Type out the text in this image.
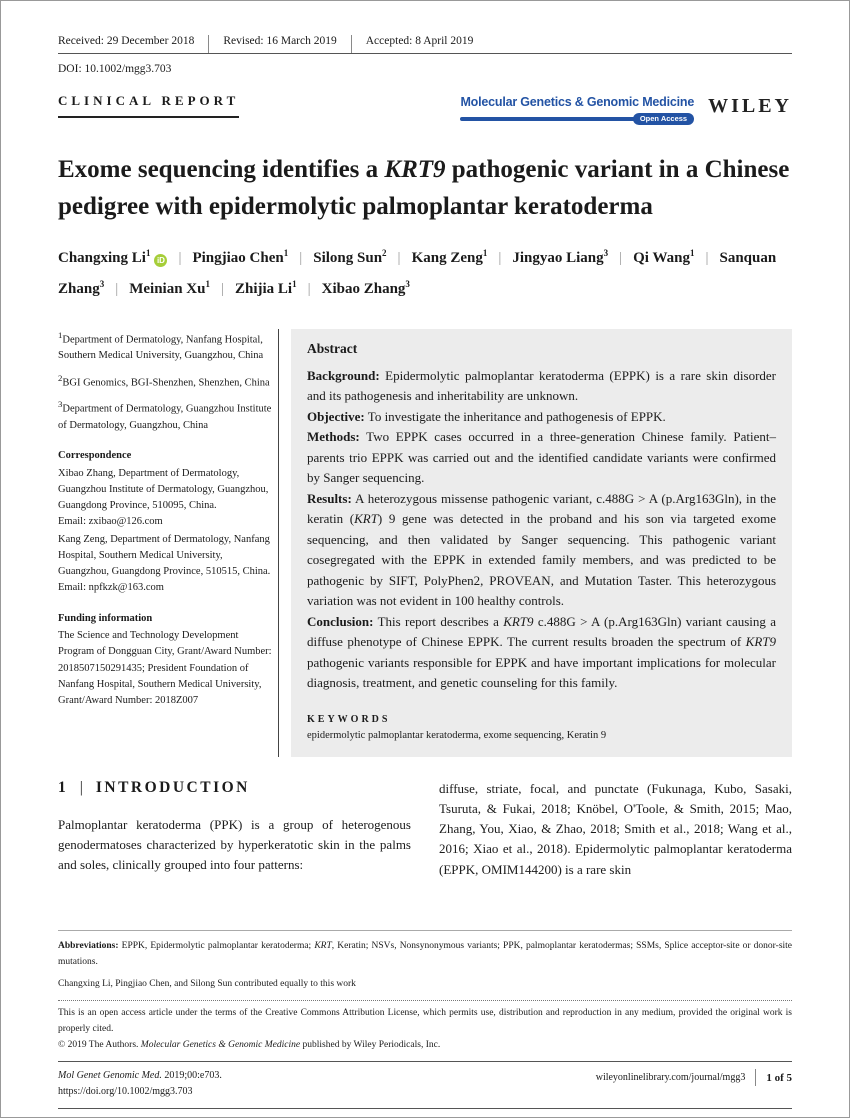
Received: 29 December 2018	Revised: 16 March 2019	Accepted: 8 April 2019
DOI: 10.1002/mgg3.703
CLINICAL REPORT	Molecular Genetics & Genomic Medicine
Open Access
WILEY
Exome sequencing identifies a KRT9 pathogenic variant in a Chinese pedigree with epidermolytic palmoplantar keratoderma
Changxing Li$^1$iD | Pingjiao Chen$^1$ | Silong Sun$^2$ | Kang Zeng$^1$ | Jingyao Liang$^3$ | Qi Wang$^1$ | Sanquan Zhang$^3$ | Meinian Xu$^1$ | Zhijia Li$^1$ | Xibao Zhang$^3$
$^1$Department of Dermatology, Nanfang Hospital, Southern Medical University, Guangzhou, China
$^2$BGI Genomics, BGI-Shenzhen, Shenzhen, China
$^3$Department of Dermatology, Guangzhou Institute of Dermatology, Guangzhou, China
Correspondence
Xibao Zhang, Department of Dermatology, Guangzhou Institute of Dermatology, Guangzhou, Guangdong Province, 510095, China.
Email: zxibao@126.com
Kang Zeng, Department of Dermatology, Nanfang Hospital, Southern Medical University, Guangzhou, Guangdong Province, 510515, China.
Email: npfkzk@163.com
Funding information
The Science and Technology Development Program of Dongguan City, Grant/Award Number: 2018507150291435; President Foundation of Nanfang Hospital, Southern Medical University, Grant/Award Number: 2018Z007
Abstract

Background: Epidermolytic palmoplantar keratoderma (EPPK) is a rare skin disorder and its pathogenesis and inheritability are unknown.

Objective: To investigate the inheritance and pathogenesis of EPPK.

Methods: Two EPPK cases occurred in a three-generation Chinese family. Patient–parents trio EPPK was carried out and the identified candidate variants were confirmed by Sanger sequencing.

Results: A heterozygous missense pathogenic variant, c.488G > A (p.Arg163Gln), in the keratin (KRT) 9 gene was detected in the proband and his son via targeted exome sequencing, and then validated by Sanger sequencing. This pathogenic variant cosegregated with the EPPK in extended family members, and was predicted to be pathogenic by SIFT, PolyPhen2, PROVEAN, and Mutation Taster. This heterozygous variation was not evident in 100 healthy controls.

Conclusion: This report describes a KRT9 c.488G > A (p.Arg163Gln) variant causing a diffuse phenotype of Chinese EPPK. The current results broaden the spectrum of KRT9 pathogenic variants responsible for EPPK and have important implications for molecular diagnosis, treatment, and genetic counseling for this family.

KEYWORDS
epidermolytic palmoplantar keratoderma, exome sequencing, Keratin 9
1 | INTRODUCTION

Palmoplantar keratoderma (PPK) is a group of heterogenous genodermatoses characterized by hyperkeratotic skin in the palms and soles, clinically grouped into four patterns:

diffuse, striate, focal, and punctate (Fukunaga, Kubo, Sasaki, Tsuruta, & Fukai, 2018; Knöbel, O'Toole, & Smith, 2015; Mao, Zhang, You, Xiao, & Zhao, 2018; Smith et al., 2018; Wang et al., 2016; Xiao et al., 2018). Epidermolytic palmoplantar keratoderma (EPPK, OMIM144200) is a rare skin

Abbreviations: EPPK, Epidermolytic palmoplantar keratoderma; KRT, Keratin; NSVs, Nonsynonymous variants; PPK, palmoplantar keratodermas; SSMs, Splice acceptor-site or donor-site mutations.
Changxing Li, Pingjiao Chen, and Silong Sun contributed equally to this work
This is an open access article under the terms of the Creative Commons Attribution License, which permits use, distribution and reproduction in any medium, provided the original work is properly cited.
© 2019 The Authors. Molecular Genetics & Genomic Medicine published by Wiley Periodicals, Inc.
Mol Genet Genomic Med. 2019;00:e703.
https://doi.org/10.1002/mgg3.703
wileyonlinelibrary.com/journal/mgg3 1 of 5
